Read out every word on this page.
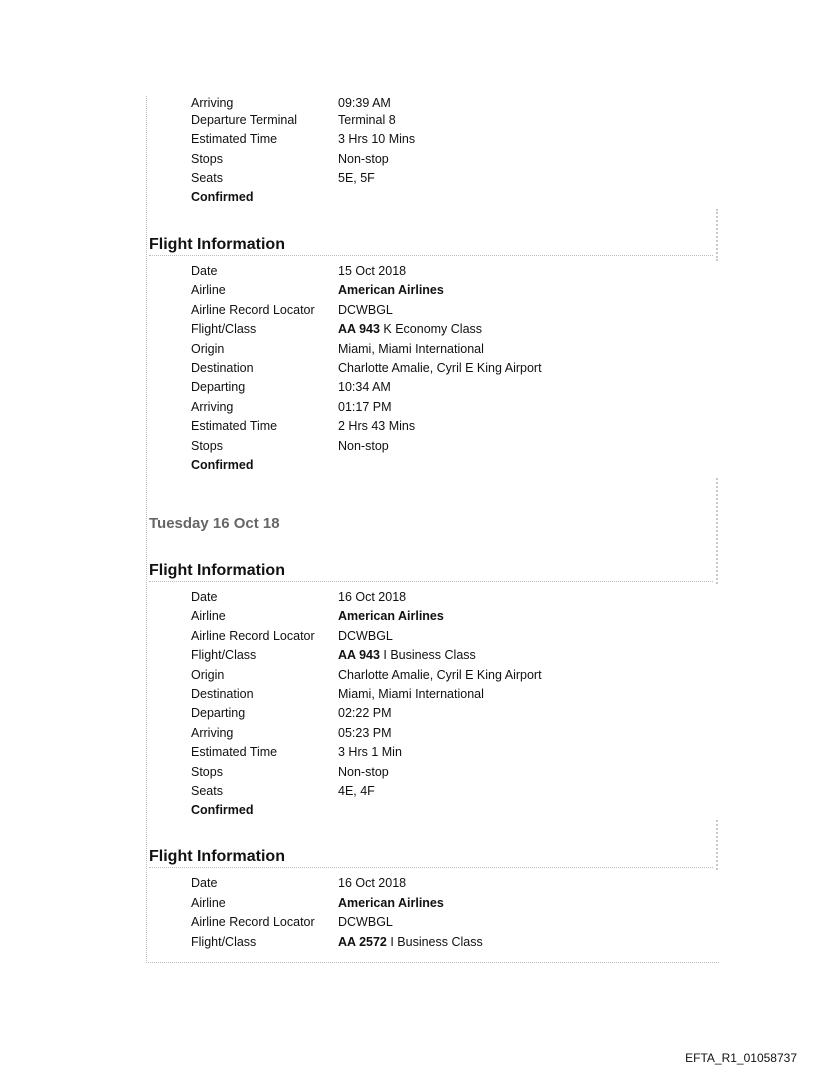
Arriving	09:39 AM
Departure Terminal	Terminal 8
Estimated Time	3 Hrs 10 Mins
Stops	Non-stop
Seats	5E, 5F
Confirmed
Flight Information
Date	15 Oct 2018
Airline	American Airlines
Airline Record Locator DCWBGL
Flight/Class	AA 943 K Economy Class
Origin	Miami, Miami International
Destination	Charlotte Amalie, Cyril E King Airport
Departing	10:34 AM
Arriving	01:17 PM
Estimated Time	2 Hrs 43 Mins
Stops	Non-stop
Confirmed
Tuesday 16 Oct 18
Flight Information
Date	16 Oct 2018
Airline	American Airlines
Airline Record Locator DCWBGL
Flight/Class	AA 943 I Business Class
Origin	Charlotte Amalie, Cyril E King Airport
Destination	Miami, Miami International
Departing	02:22 PM
Arriving	05:23 PM
Estimated Time	3 Hrs 1 Min
Stops	Non-stop
Seats	4E, 4F
Confirmed
Flight Information
Date	16 Oct 2018
Airline	American Airlines
Airline Record Locator DCWBGL
Flight/Class	AA 2572 I Business Class
EFTA_R1_01058737
